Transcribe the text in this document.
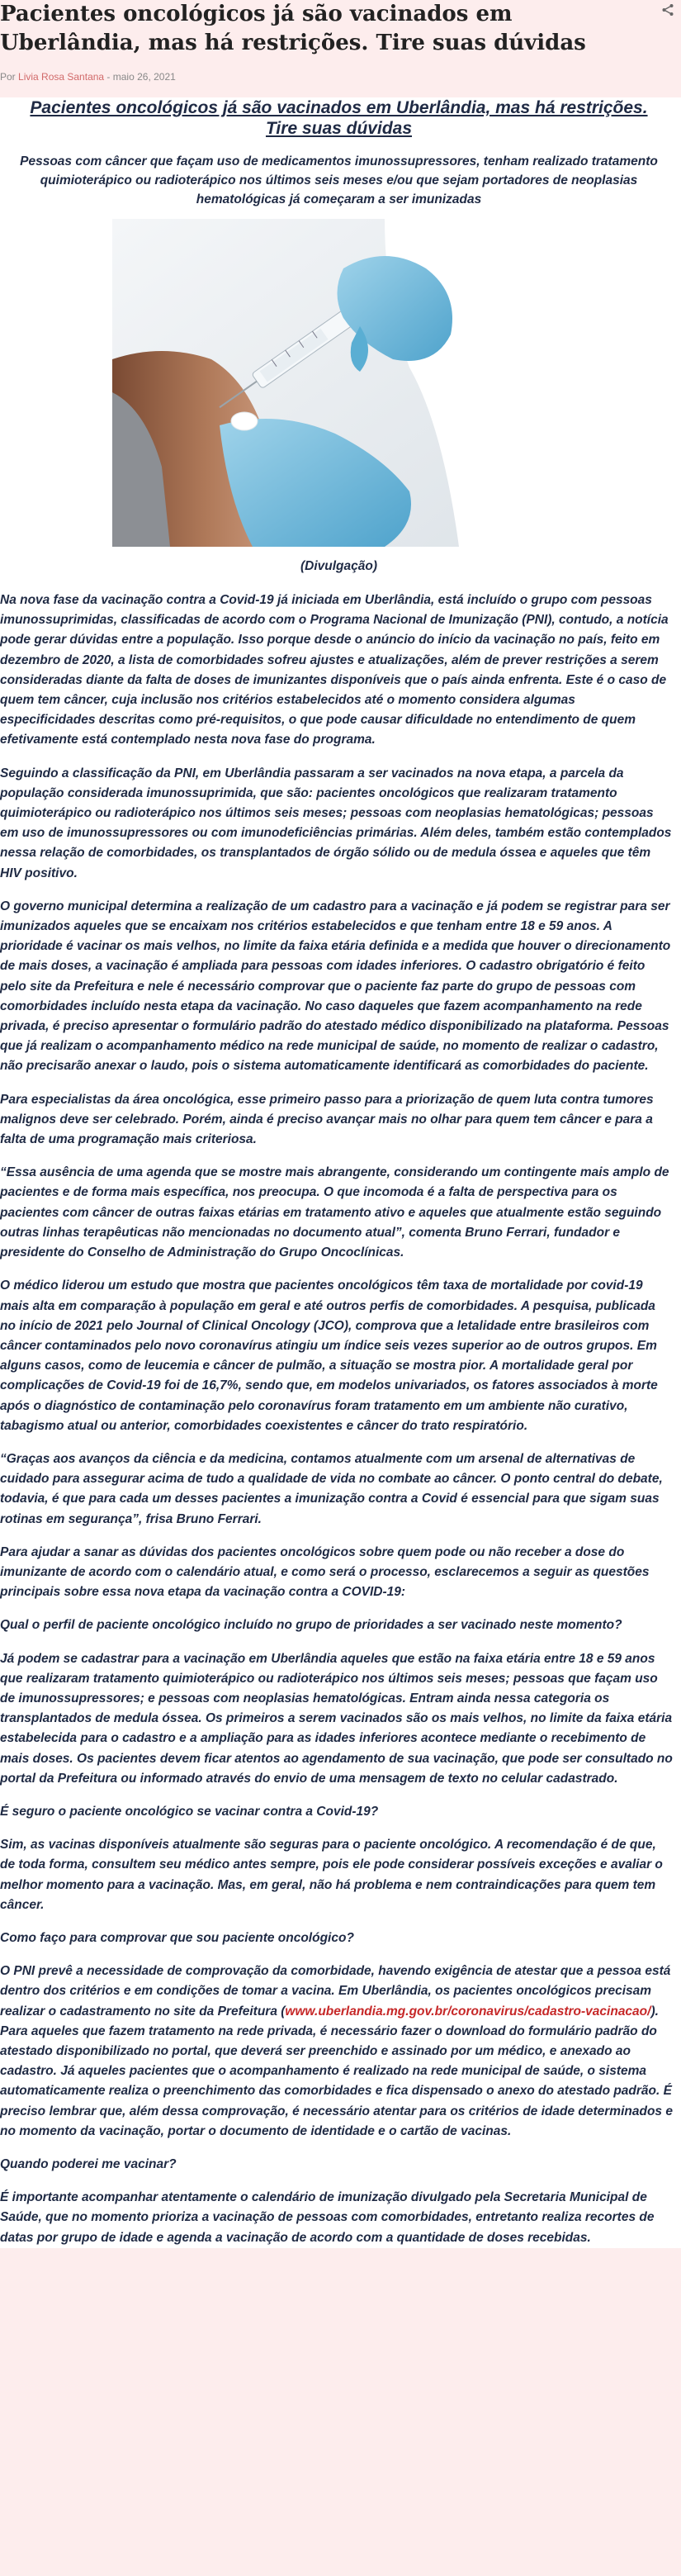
Pacientes oncológicos já são vacinados em Uberlândia, mas há restrições. Tire suas dúvidas
Por Livia Rosa Santana - maio 26, 2021
Pacientes oncológicos já são vacinados em Uberlândia, mas há restrições. Tire suas dúvidas

Pessoas com câncer que façam uso de medicamentos imunossupressores, tenham realizado tratamento quimioterápico ou radioterápico nos últimos seis meses e/ou que sejam portadores de neoplasias hematológicas já começaram a ser imunizadas

(Divulgação)

Na nova fase da vacinação contra a Covid-19 já iniciada em Uberlândia, está incluído o grupo com pessoas imunossuprimidas, classificadas de acordo com o Programa Nacional de Imunização (PNI), contudo, a notícia pode gerar dúvidas entre a população. Isso porque desde o anúncio do início da vacinação no país, feito em dezembro de 2020, a lista de comorbidades sofreu ajustes e atualizações, além de prever restrições a serem consideradas diante da falta de doses de imunizantes disponíveis que o país ainda enfrenta. Este é o caso de quem tem câncer, cuja inclusão nos critérios estabelecidos até o momento considera algumas especificidades descritas como pré-requisitos, o que pode causar dificuldade no entendimento de quem efetivamente está contemplado nesta nova fase do programa.

Seguindo a classificação da PNI, em Uberlândia passaram a ser vacinados na nova etapa, a parcela da população considerada imunossuprimida, que são: pacientes oncológicos que realizaram tratamento quimioterápico ou radioterápico nos últimos seis meses; pessoas com neoplasias hematológicas; pessoas em uso de imunossupressores ou com imunodeficiências primárias. Além deles, também estão contemplados nessa relação de comorbidades, os transplantados de órgão sólido ou de medula óssea e aqueles que têm HIV positivo.

O governo municipal determina a realização de um cadastro para a vacinação e já podem se registrar para ser imunizados aqueles que se encaixam nos critérios estabelecidos e que tenham entre 18 e 59 anos. A prioridade é vacinar os mais velhos, no limite da faixa etária definida e a medida que houver o direcionamento de mais doses, a vacinação é ampliada para pessoas com idades inferiores. O cadastro obrigatório é feito pelo site da Prefeitura e nele é necessário comprovar que o paciente faz parte do grupo de pessoas com comorbidades incluído nesta etapa da vacinação. No caso daqueles que fazem acompanhamento na rede privada, é preciso apresentar o formulário padrão do atestado médico disponibilizado na plataforma. Pessoas que já realizam o acompanhamento médico na rede municipal de saúde, no momento de realizar o cadastro, não precisarão anexar o laudo, pois o sistema automaticamente identificará as comorbidades do paciente.

Para especialistas da área oncológica, esse primeiro passo para a priorização de quem luta contra tumores malignos deve ser celebrado. Porém, ainda é preciso avançar mais no olhar para quem tem câncer e para a falta de uma programação mais criteriosa.

“Essa ausência de uma agenda que se mostre mais abrangente, considerando um contingente mais amplo de pacientes e de forma mais específica, nos preocupa. O que incomoda é a falta de perspectiva para os pacientes com câncer de outras faixas etárias em tratamento ativo e aqueles que atualmente estão seguindo outras linhas terapêuticas não mencionadas no documento atual”, comenta Bruno Ferrari, fundador e presidente do Conselho de Administração do Grupo Oncoclínicas.

O médico liderou um estudo que mostra que pacientes oncológicos têm taxa de mortalidade por covid-19 mais alta em comparação à população em geral e até outros perfis de comorbidades. A pesquisa, publicada no início de 2021 pelo Journal of Clinical Oncology (JCO), comprova que a letalidade entre brasileiros com câncer contaminados pelo novo coronavírus atingiu um índice seis vezes superior ao de outros grupos. Em alguns casos, como de leucemia e câncer de pulmão, a situação se mostra pior. A mortalidade geral por complicações de Covid-19 foi de 16,7%, sendo que, em modelos univariados, os fatores associados à morte após o diagnóstico de contaminação pelo coronavírus foram tratamento em um ambiente não curativo, tabagismo atual ou anterior, comorbidades coexistentes e câncer do trato respiratório.

“Graças aos avanços da ciência e da medicina, contamos atualmente com um arsenal de alternativas de cuidado para assegurar acima de tudo a qualidade de vida no combate ao câncer. O ponto central do debate, todavia, é que para cada um desses pacientes a imunização contra a Covid é essencial para que sigam suas rotinas em segurança”, frisa Bruno Ferrari.

Para ajudar a sanar as dúvidas dos pacientes oncológicos sobre quem pode ou não receber a dose do imunizante de acordo com o calendário atual, e como será o processo, esclarecemos a seguir as questões principais sobre essa nova etapa da vacinação contra a COVID-19:

Qual o perfil de paciente oncológico incluído no grupo de prioridades a ser vacinado neste momento?

Já podem se cadastrar para a vacinação em Uberlândia aqueles que estão na faixa etária entre 18 e 59 anos que realizaram tratamento quimioterápico ou radioterápico nos últimos seis meses; pessoas que façam uso de imunossupressores; e pessoas com neoplasias hematológicas. Entram ainda nessa categoria os transplantados de medula óssea. Os primeiros a serem vacinados são os mais velhos, no limite da faixa etária estabelecida para o cadastro e a ampliação para as idades inferiores acontece mediante o recebimento de mais doses. Os pacientes devem ficar atentos ao agendamento de sua vacinação, que pode ser consultado no portal da Prefeitura ou informado através do envio de uma mensagem de texto no celular cadastrado.

É seguro o paciente oncológico se vacinar contra a Covid-19?

Sim, as vacinas disponíveis atualmente são seguras para o paciente oncológico. A recomendação é de que, de toda forma, consultem seu médico antes sempre, pois ele pode considerar possíveis exceções e avaliar o melhor momento para a vacinação. Mas, em geral, não há problema e nem contraindicações para quem tem câncer.

Como faço para comprovar que sou paciente oncológico?

O PNI prevê a necessidade de comprovação da comorbidade, havendo exigência de atestar que a pessoa está dentro dos critérios e em condições de tomar a vacina. Em Uberlândia, os pacientes oncológicos precisam realizar o cadastramento no site da Prefeitura (www.uberlandia.mg.gov.br/coronavirus/cadastro-vacinacao/). Para aqueles que fazem tratamento na rede privada, é necessário fazer o download do formulário padrão do atestado disponibilizado no portal, que deverá ser preenchido e assinado por um médico, e anexado ao cadastro. Já aqueles pacientes que o acompanhamento é realizado na rede municipal de saúde, o sistema automaticamente realiza o preenchimento das comorbidades e fica dispensado o anexo do atestado padrão. É preciso lembrar que, além dessa comprovação, é necessário atentar para os critérios de idade determinados e no momento da vacinação, portar o documento de identidade e o cartão de vacinas.

Quando poderei me vacinar?

É importante acompanhar atentamente o calendário de imunização divulgado pela Secretaria Municipal de Saúde, que no momento prioriza a vacinação de pessoas com comorbidades, entretanto realiza recortes de datas por grupo de idade e agenda a vacinação de acordo com a quantidade de doses recebidas.
